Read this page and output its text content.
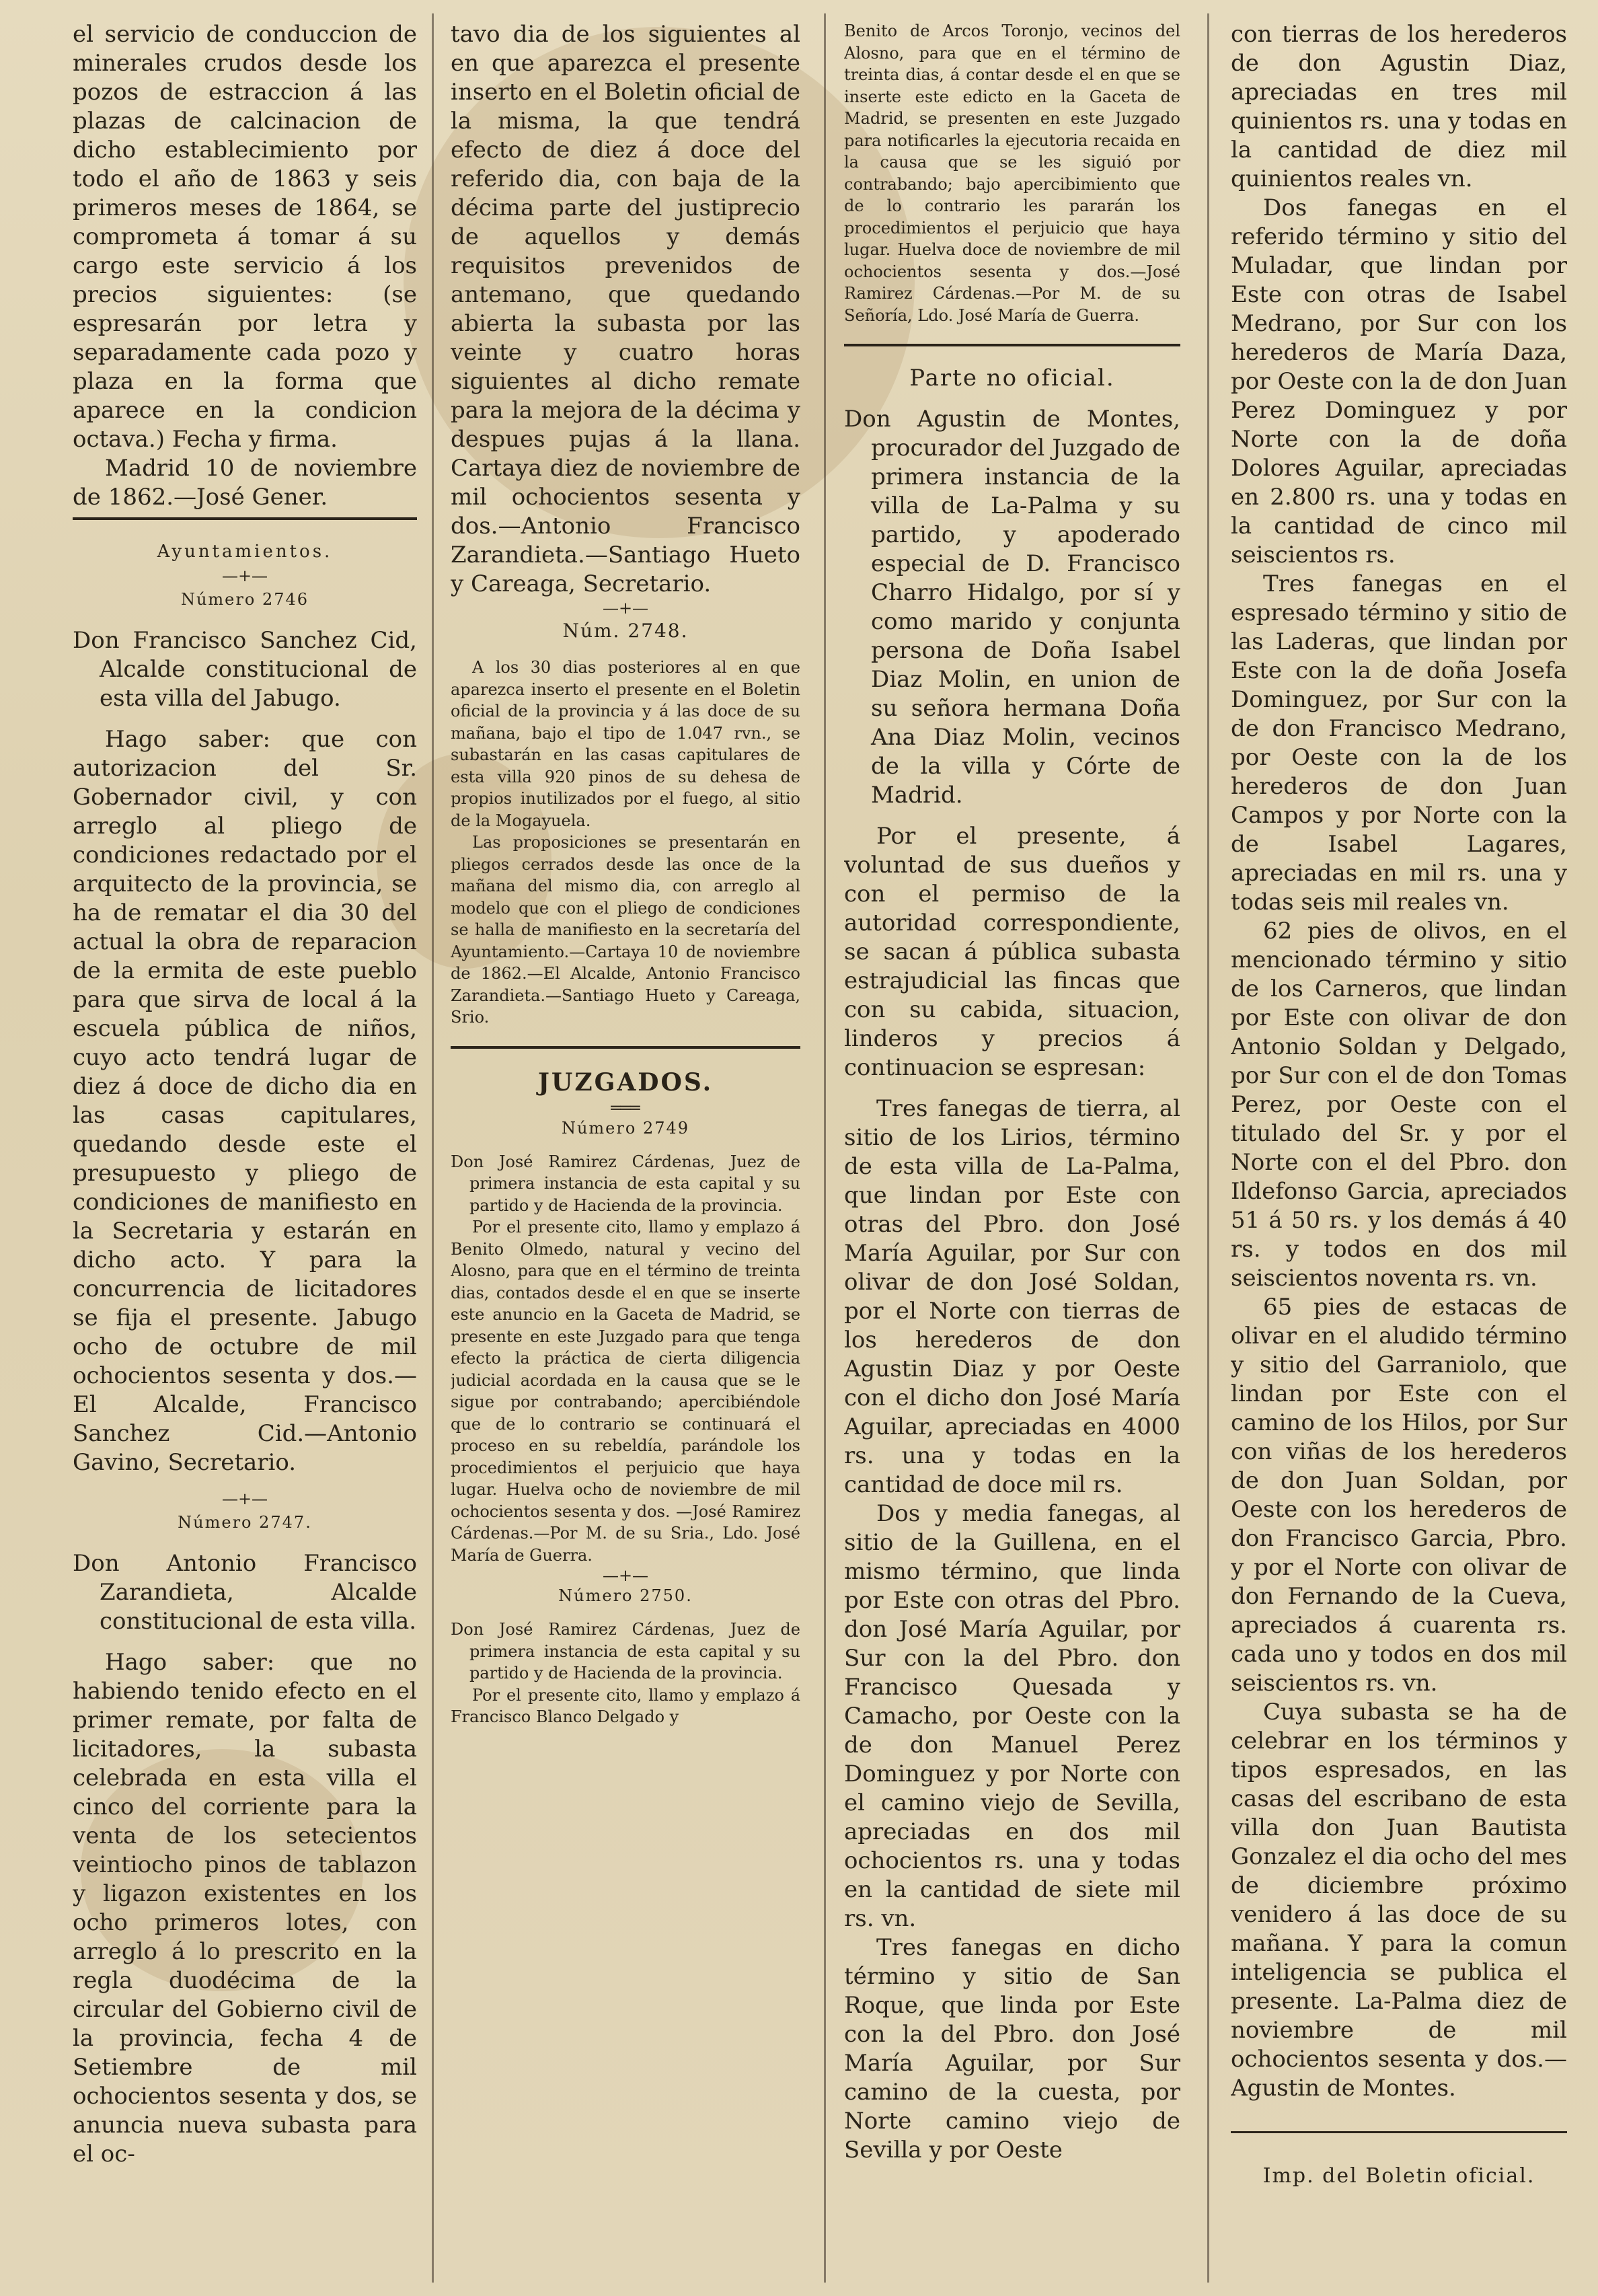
el servicio de conduccion de minerales crudos desde los pozos de estraccion á las plazas de calcinacion de dicho establecimiento por todo el año de 1863 y seis primeros meses de 1864, se comprometa á tomar á su cargo este servicio á los precios siguientes: (se espresarán por letra y separadamente cada pozo y plaza en la forma que aparece en la condicion octava.) Fecha y firma.

Madrid 10 de noviembre de 1862.—José Gener.

Ayuntamientos.
—+—
Número 2746

Don Francisco Sanchez Cid, Alcalde constitucional de esta villa del Jabugo.

Hago saber: que con autorizacion del Sr. Gobernador civil, y con arreglo al pliego de condiciones redactado por el arquitecto de la provincia, se ha de rematar el dia 30 del actual la obra de reparacion de la ermita de este pueblo para que sirva de local á la escuela pública de niños, cuyo acto tendrá lugar de diez á doce de dicho dia en las casas capitulares, quedando desde este el presupuesto y pliego de condiciones de manifiesto en la Secretaria y estarán en dicho acto. Y para la concurrencia de licitadores se fija el presente. Jabugo ocho de octubre de mil ochocientos sesenta y dos.—El Alcalde, Francisco Sanchez Cid.—Antonio Gavino, Secretario.

—+—
Número 2747.

Don Antonio Francisco Zarandieta, Alcalde constitucional de esta villa.

Hago saber: que no habiendo tenido efecto en el primer remate, por falta de licitadores, la subasta celebrada en esta villa el cinco del corriente para la venta de los setecientos veintiocho pinos de tablazon y ligazon existentes en los ocho primeros lotes, con arreglo á lo prescrito en la regla duodécima de la circular del Gobierno civil de la provincia, fecha 4 de Setiembre de mil ochocientos sesenta y dos, se anuncia nueva subasta para el oc-

tavo dia de los siguientes al en que aparezca el presente inserto en el Boletin oficial de la misma, la que tendrá efecto de diez á doce del referido dia, con baja de la décima parte del justiprecio de aquellos y demás requisitos prevenidos de antemano, que quedando abierta la subasta por las veinte y cuatro horas siguientes al dicho remate para la mejora de la décima y despues pujas á la llana. Cartaya diez de noviembre de mil ochocientos sesenta y dos.—Antonio Francisco Zarandieta.—Santiago Hueto y Careaga, Secretario.

—+—
Núm. 2748.

A los 30 dias posteriores al en que aparezca inserto el presente en el Boletin oficial de la provincia y á las doce de su mañana, bajo el tipo de 1.047 rvn., se subastarán en las casas capitulares de esta villa 920 pinos de su dehesa de propios inutilizados por el fuego, al sitio de la Mogayuela.

Las proposiciones se presentarán en pliegos cerrados desde las once de la mañana del mismo dia, con arreglo al modelo que con el pliego de condiciones se halla de manifiesto en la secretaría del Ayuntamiento.—Cartaya 10 de noviembre de 1862.—El Alcalde, Antonio Francisco Zarandieta.—Santiago Hueto y Careaga, Srio.

JUZGADOS.
═══
Número 2749

Don José Ramirez Cárdenas, Juez de primera instancia de esta capital y su partido y de Hacienda de la provincia.

Por el presente cito, llamo y emplazo á Benito Olmedo, natural y vecino del Alosno, para que en el término de treinta dias, contados desde el en que se inserte este anuncio en la Gaceta de Madrid, se presente en este Juzgado para que tenga efecto la práctica de cierta diligencia judicial acordada en la causa que se le sigue por contrabando; apercibiéndole que de lo contrario se continuará el proceso en su rebeldía, parándole los procedimientos el perjuicio que haya lugar. Huelva ocho de noviembre de mil ochocientos sesenta y dos. —José Ramirez Cárdenas.—Por M. de su Sria., Ldo. José María de Guerra.

—+—
Número 2750.

Don José Ramirez Cárdenas, Juez de primera instancia de esta capital y su partido y de Hacienda de la provincia.

Por el presente cito, llamo y emplazo á Francisco Blanco Delgado y

Benito de Arcos Toronjo, vecinos del Alosno, para que en el término de treinta dias, á contar desde el en que se inserte este edicto en la Gaceta de Madrid, se presenten en este Juzgado para notificarles la ejecutoria recaida en la causa que se les siguió por contrabando; bajo apercibimiento que de lo contrario les pararán los procedimientos el perjuicio que haya lugar. Huelva doce de noviembre de mil ochocientos sesenta y dos.—José Ramirez Cárdenas.—Por M. de su Señoría, Ldo. José María de Guerra.

Parte no oficial.

Don Agustin de Montes, procurador del Juzgado de primera instancia de la villa de La-Palma y su partido, y apoderado especial de D. Francisco Charro Hidalgo, por sí y como marido y conjunta persona de Doña Isabel Diaz Molin, en union de su señora hermana Doña Ana Diaz Molin, vecinos de la villa y Córte de Madrid.

Por el presente, á voluntad de sus dueños y con el permiso de la autoridad correspondiente, se sacan á pública subasta estrajudicial las fincas que con su cabida, situacion, linderos y precios á continuacion se espresan:

Tres fanegas de tierra, al sitio de los Lirios, término de esta villa de La-Palma, que lindan por Este con otras del Pbro. don José María Aguilar, por Sur con olivar de don José Soldan, por el Norte con tierras de los herederos de don Agustin Diaz y por Oeste con el dicho don José María Aguilar, apreciadas en 4000 rs. una y todas en la cantidad de doce mil rs.

Dos y media fanegas, al sitio de la Guillena, en el mismo término, que linda por Este con otras del Pbro. don José María Aguilar, por Sur con la del Pbro. don Francisco Quesada y Camacho, por Oeste con la de don Manuel Perez Dominguez y por Norte con el camino viejo de Sevilla, apreciadas en dos mil ochocientos rs. una y todas en la cantidad de siete mil rs. vn.

Tres fanegas en dicho término y sitio de San Roque, que linda por Este con la del Pbro. don José María Aguilar, por Sur camino de la cuesta, por Norte camino viejo de Sevilla y por Oeste

con tierras de los herederos de don Agustin Diaz, apreciadas en tres mil quinientos rs. una y todas en la cantidad de diez mil quinientos reales vn.

Dos fanegas en el referido término y sitio del Muladar, que lindan por Este con otras de Isabel Medrano, por Sur con los herederos de María Daza, por Oeste con la de don Juan Perez Dominguez y por Norte con la de doña Dolores Aguilar, apreciadas en 2.800 rs. una y todas en la cantidad de cinco mil seiscientos rs.

Tres fanegas en el espresado término y sitio de las Laderas, que lindan por Este con la de doña Josefa Dominguez, por Sur con la de don Francisco Medrano, por Oeste con la de los herederos de don Juan Campos y por Norte con la de Isabel Lagares, apreciadas en mil rs. una y todas seis mil reales vn.

62 pies de olivos, en el mencionado término y sitio de los Carneros, que lindan por Este con olivar de don Antonio Soldan y Delgado, por Sur con el de don Tomas Perez, por Oeste con el titulado del Sr. y por el Norte con el del Pbro. don Ildefonso Garcia, apreciados 51 á 50 rs. y los demás á 40 rs. y todos en dos mil seiscientos noventa rs. vn.

65 pies de estacas de olivar en el aludido término y sitio del Garraniolo, que lindan por Este con el camino de los Hilos, por Sur con viñas de los herederos de don Juan Soldan, por Oeste con los herederos de don Francisco Garcia, Pbro. y por el Norte con olivar de don Fernando de la Cueva, apreciados á cuarenta rs. cada uno y todos en dos mil seiscientos rs. vn.

Cuya subasta se ha de celebrar en los términos y tipos espresados, en las casas del escribano de esta villa don Juan Bautista Gonzalez el dia ocho del mes de diciembre próximo venidero á las doce de su mañana. Y para la comun inteligencia se publica el presente. La-Palma diez de noviembre de mil ochocientos sesenta y dos.—Agustin de Montes.

Imp. del Boletin oficial.
